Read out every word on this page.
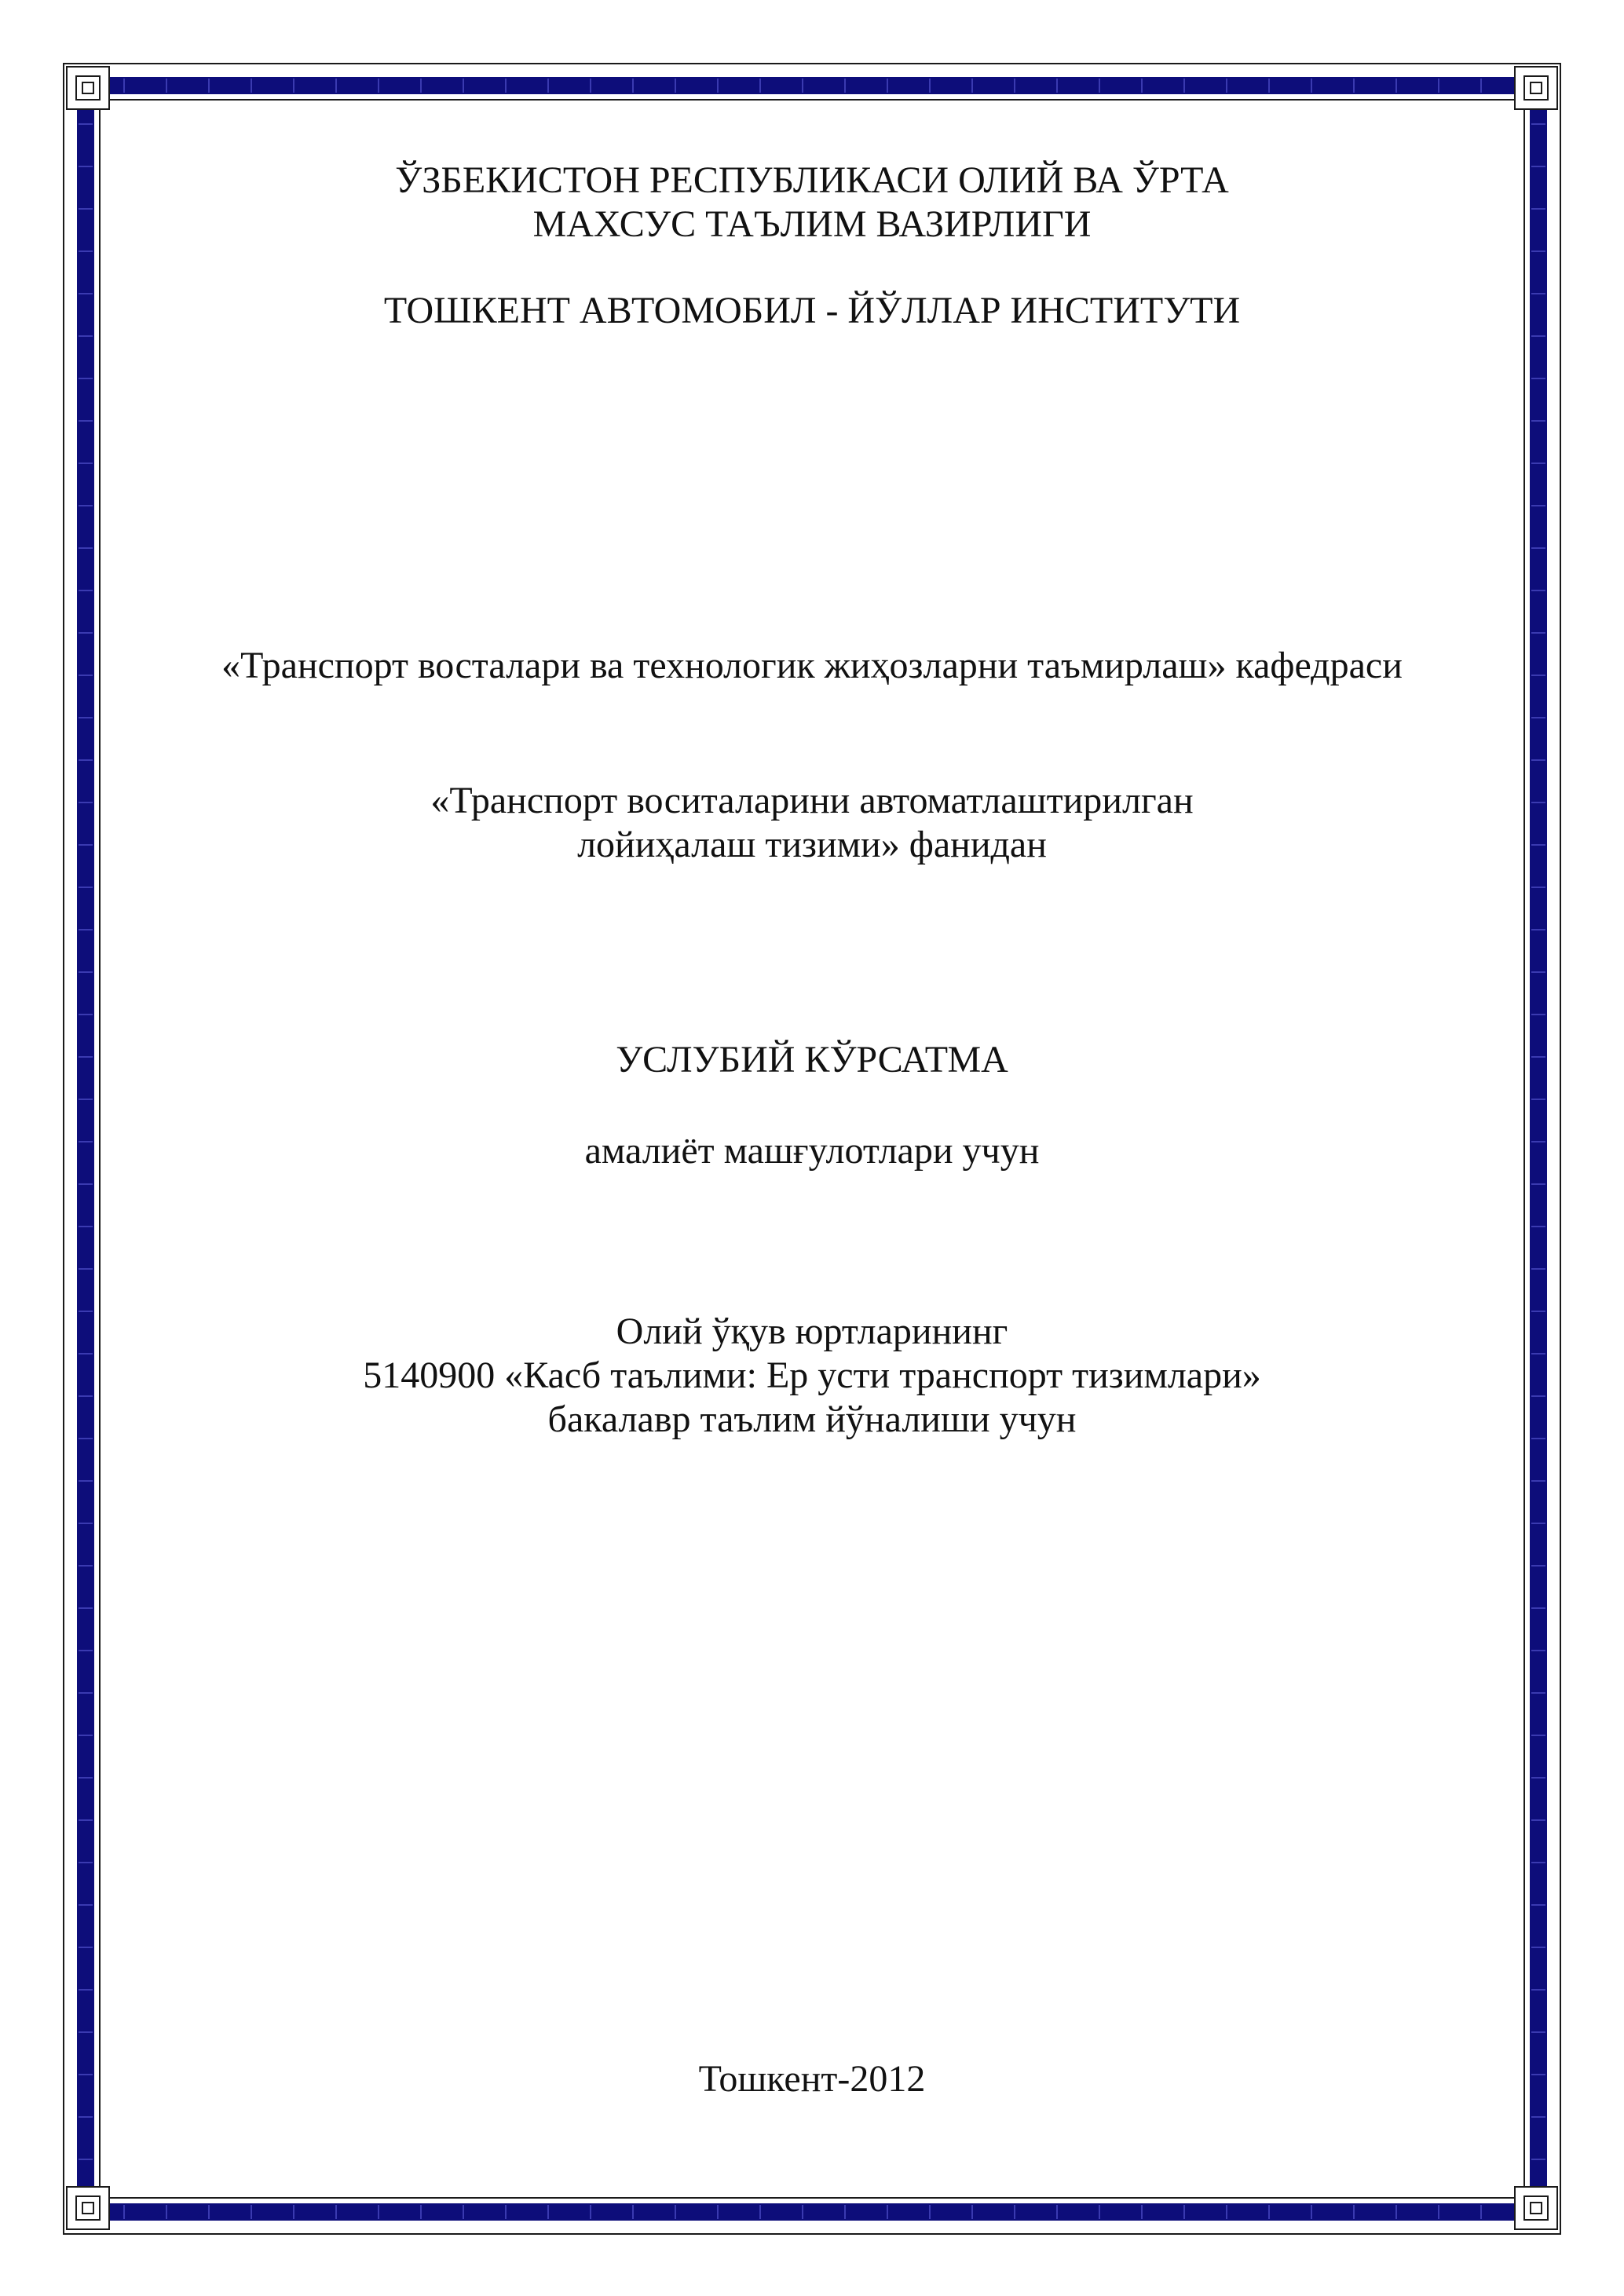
ЎЗБЕКИСТОН РЕСПУБЛИКАСИ ОЛИЙ ВА ЎРТА
МАХСУС ТАЪЛИМ ВАЗИРЛИГИ
ТОШКЕНТ АВТОМОБИЛ - ЙЎЛЛАР ИНСТИТУТИ
«Транспорт восталари ва технологик жиҳозларни таъмирлаш» кафедраси
«Транспорт воситаларини автоматлаштирилган
лойиҳалаш тизими» фанидан
УСЛУБИЙ КЎРСАТМА
амалиёт машғулотлари учун
Олий ўқув юртларининг
5140900 «Касб таълими: Ер усти транспорт тизимлари»
бакалавр таълим йўналиши учун
Тошкент-2012
